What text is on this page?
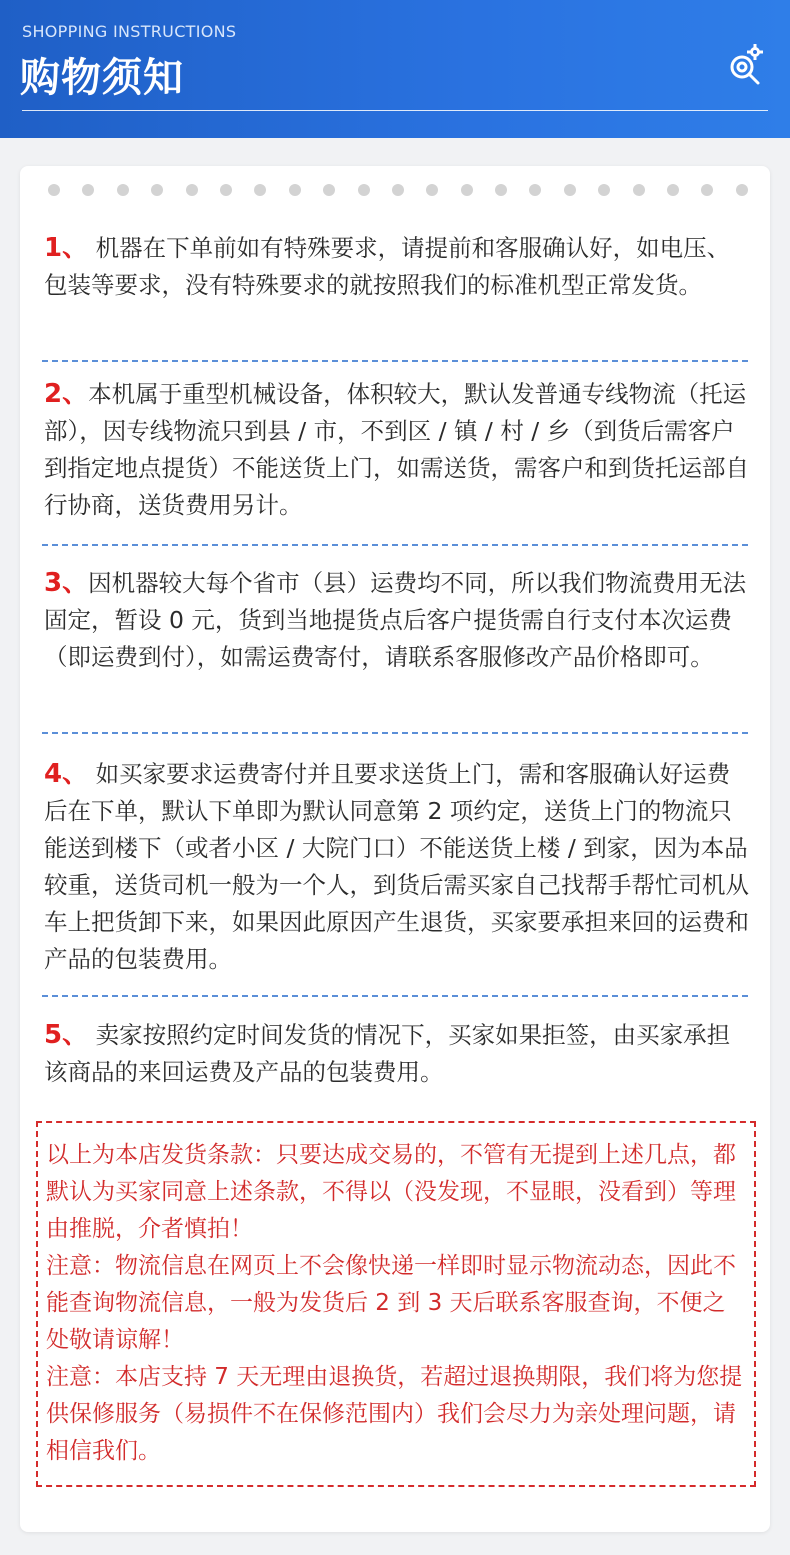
SHOPPING INSTRUCTIONS
购物须知
1、 机器在下单前如有特殊要求，请提前和客服确认好，如电压、包装等要求，没有特殊要求的就按照我们的标准机型正常发货。
2、本机属于重型机械设备，体积较大，默认发普通专线物流（托运部），因专线物流只到县 / 市，不到区 / 镇 / 村 / 乡（到货后需客户到指定地点提货）不能送货上门，如需送货，需客户和到货托运部自行协商，送货费用另计。
3、因机器较大每个省市（县）运费均不同，所以我们物流费用无法固定，暂设 0 元，货到当地提货点后客户提货需自行支付本次运费（即运费到付），如需运费寄付，请联系客服修改产品价格即可。
4、 如买家要求运费寄付并且要求送货上门，需和客服确认好运费后在下单，默认下单即为默认同意第 2 项约定，送货上门的物流只能送到楼下（或者小区 / 大院门口）不能送货上楼 / 到家，因为本品较重，送货司机一般为一个人，到货后需买家自己找帮手帮忙司机从车上把货卸下来，如果因此原因产生退货，买家要承担来回的运费和产品的包装费用。
5、 卖家按照约定时间发货的情况下，买家如果拒签，由买家承担该商品的来回运费及产品的包装费用。

以上为本店发货条款：只要达成交易的，不管有无提到上述几点，都默认为买家同意上述条款，不得以（没发现，不显眼，没看到）等理由推脱，介者慎拍！

注意：物流信息在网页上不会像快递一样即时显示物流动态，因此不能查询物流信息，一般为发货后 2 到 3 天后联系客服查询，不便之处敬请谅解！

注意：本店支持 7 天无理由退换货，若超过退换期限，我们将为您提供保修服务（易损件不在保修范围内）我们会尽力为亲处理问题，请相信我们。
